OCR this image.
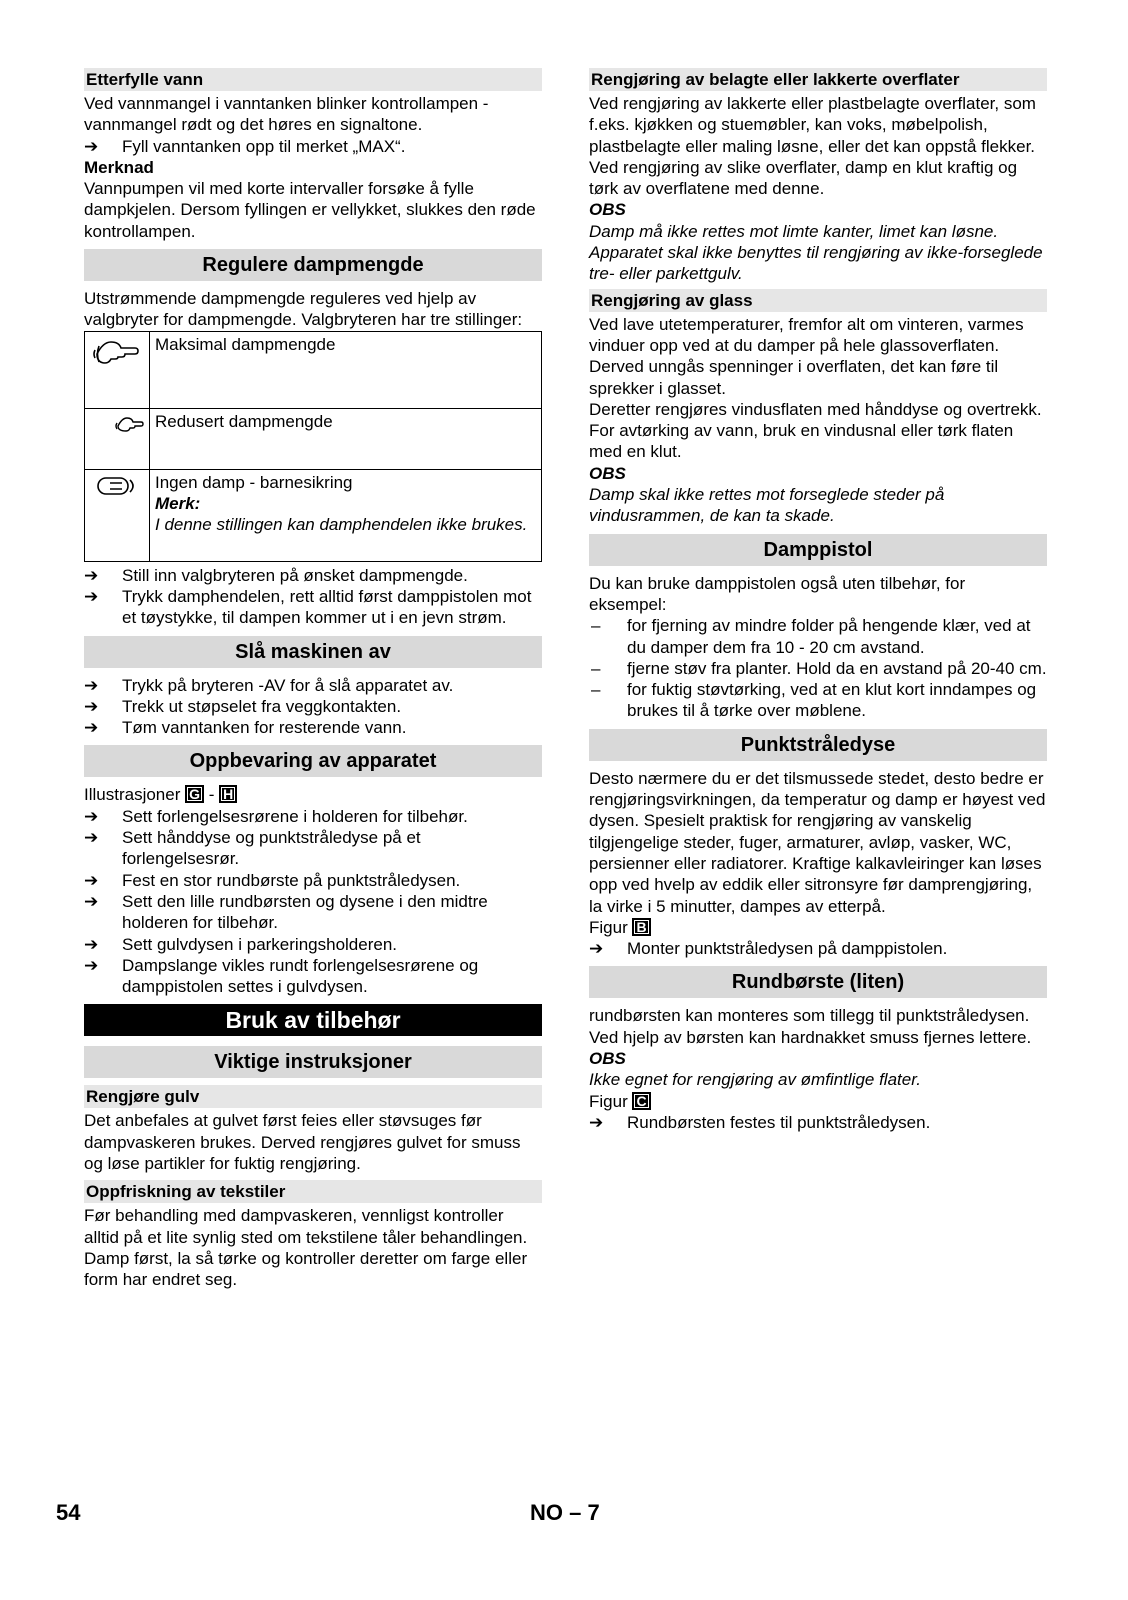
Etterfylle vann

Ved vannmangel i vanntanken blinker kontrollampen - vannmangel rødt og det høres en signaltone.

➔ Fyll vanntanken opp til merket „MAX“.

Merknad

Vannpumpen vil med korte intervaller forsøke å fylle dampkjelen. Dersom fyllingen er vellykket, slukkes den røde kontrollampen.

Regulere dampmengde

Utstrømmende dampmengde reguleres ved hjelp av valgbryter for dampmengde. Valgbryteren har tre stillinger:

	Maksimal dampmengde
	Redusert dampmengde

Ingen damp - barnesikring
Merk:
I denne stillingen kan damphendelen ikke brukes.
➔ Still inn valgbryteren på ønsket dampmengde.
➔ Trykk damphendelen, rett alltid først damppistolen mot et tøystykke, til dampen kommer ut i en jevn strøm.
Slå maskinen av
➔ Trykk på bryteren -AV for å slå apparatet av.
➔ Trekk ut støpselet fra veggkontakten.
➔ Tøm vanntanken for resterende vann.
Oppbevaring av apparatet

Illustrasjoner G - H

➔ Sett forlengelsesrørene i holderen for tilbehør.
➔ Sett hånddyse og punktstråledyse på et forlengelsesrør.
➔ Fest en stor rundbørste på punktstråledysen.
➔ Sett den lille rundbørsten og dysene i den midtre holderen for tilbehør.
➔ Sett gulvdysen i parkeringsholderen.
➔ Dampslange vikles rundt forlengelsesrørene og damppistolen settes i gulvdysen.
Bruk av tilbehør
Viktige instruksjoner
Rengjøre gulv

Det anbefales at gulvet først feies eller støvsuges før dampvaskeren brukes. Derved rengjøres gulvet for smuss og løse partikler for fuktig rengjøring.

Oppfriskning av tekstiler

Før behandling med dampvaskeren, vennligst kontroller alltid på et lite synlig sted om tekstilene tåler behandlingen. Damp først, la så tørke og kontroller deretter om farge eller form har endret seg.

Rengjøring av belagte eller lakkerte overflater

Ved rengjøring av lakkerte eller plastbelagte overflater, som f.eks. kjøkken og stuemøbler, kan voks, møbelpolish, plastbelagte eller maling løsne, eller det kan oppstå flekker. Ved rengjøring av slike overflater, damp en klut kraftig og tørk av overflatene med denne.

OBS

Damp må ikke rettes mot limte kanter, limet kan løsne. Apparatet skal ikke benyttes til rengjøring av ikke-forseglede tre- eller parkettgulv.

Rengjøring av glass

Ved lave utetemperaturer, fremfor alt om vinteren, varmes vinduer opp ved at du damper på hele glassoverflaten. Derved unngås spenninger i overflaten, det kan føre til sprekker i glasset.

Deretter rengjøres vindusflaten med hånddyse og overtrekk. For avtørking av vann, bruk en vindusnal eller tørk flaten med en klut.

OBS

Damp skal ikke rettes mot forseglede steder på vindusrammen, de kan ta skade.

Damppistol

Du kan bruke damppistolen også uten tilbehør, for eksempel:

– for fjerning av mindre folder på hengende klær, ved at du damper dem fra 10 - 20 cm avstand.
– fjerne støv fra planter. Hold da en avstand på 20-40 cm.
– for fuktig støvtørking, ved at en klut kort inndampes og brukes til å tørke over møblene.
Punktstråledyse

Desto nærmere du er det tilsmussede stedet, desto bedre er rengjøringsvirkningen, da temperatur og damp er høyest ved dysen. Spesielt praktisk for rengjøring av vanskelig tilgjengelige steder, fuger, armaturer, avløp, vasker, WC, persienner eller radiatorer. Kraftige kalkavleiringer kan løses opp ved hvelp av eddik eller sitronsyre før damprengjøring, la virke i 5 minutter, dampes av etterpå.

Figur B

➔ Monter punktstråledysen på damppistolen.
Rundbørste (liten)

rundbørsten kan monteres som tillegg til punktstråledysen. Ved hjelp av børsten kan hardnakket smuss fjernes lettere.

OBS

Ikke egnet for rengjøring av ømfintlige flater.

Figur C

➔ Rundbørsten festes til punktstråledysen.
54	NO – 7
